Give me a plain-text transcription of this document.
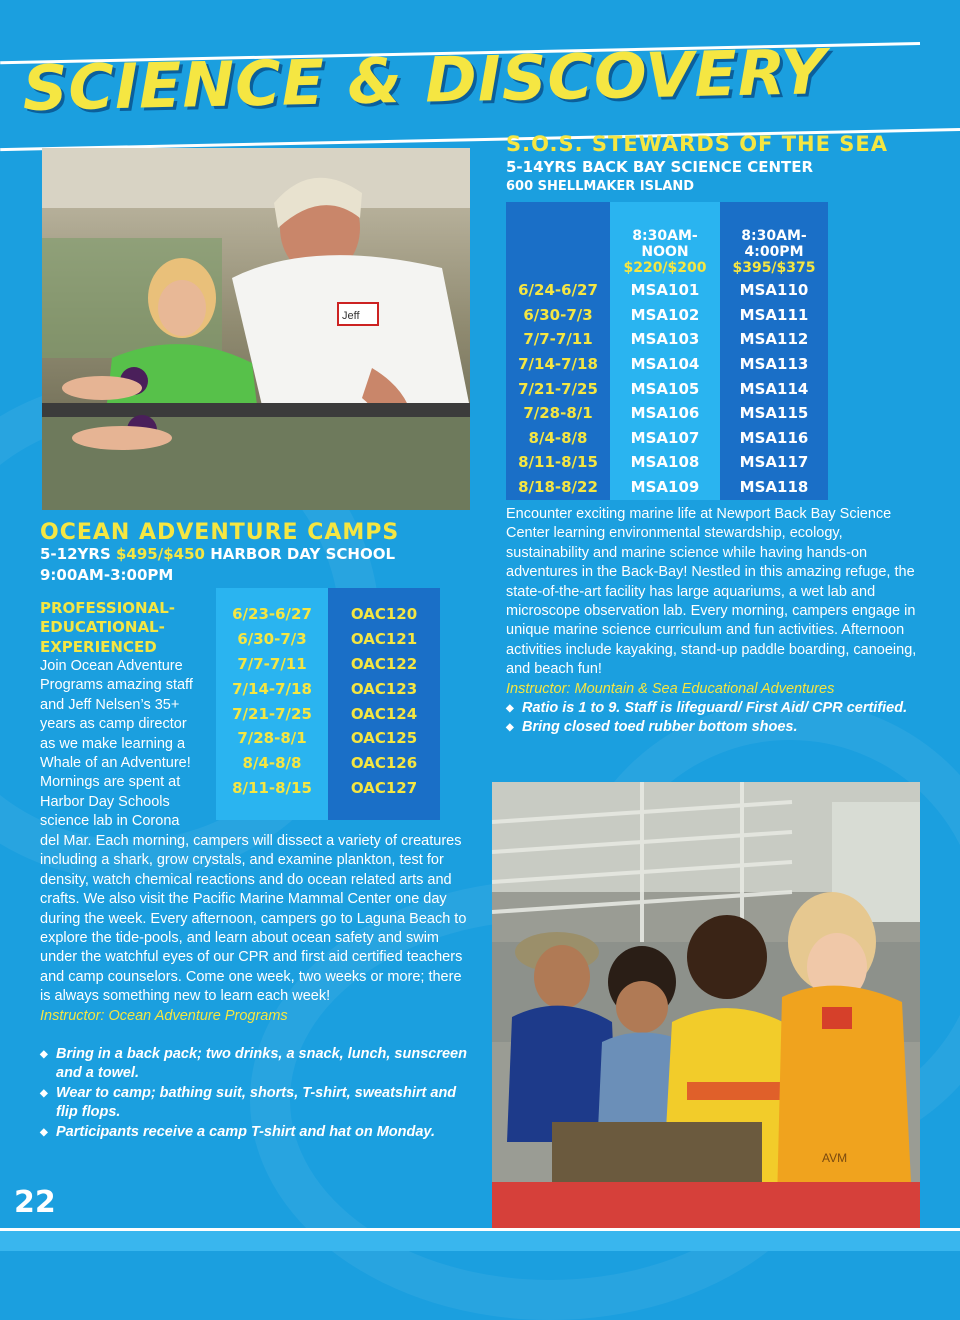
SCIENCE & DISCOVERY
Jeff
S.O.S. STEWARDS OF THE SEA
5-14YRS BACK BAY SCIENCE CENTER
600 SHELLMAKER ISLAND
6/24-6/27
6/30-7/3
7/7-7/11
7/14-7/18
7/21-7/25
7/28-8/1
8/4-8/8
8/11-8/15
8/18-8/22
8:30AM-
NOON
$220/$200
MSA101
MSA102
MSA103
MSA104
MSA105
MSA106
MSA107
MSA108
MSA109
8:30AM-
4:00PM
$395/$375
MSA110
MSA111
MSA112
MSA113
MSA114
MSA115
MSA116
MSA117
MSA118
Encounter exciting marine life at Newport Back Bay Science Center learning environmental stewardship, ecology, sustainability and marine science while having hands-on adventures in the Back-Bay! Nestled in this amazing refuge, the state-of-the-art facility has large aquariums, a wet lab and microscope observation lab. Every morning, campers engage in unique marine science curriculum and fun activities. Afternoon activities include kayaking, stand-up paddle boarding, canoeing, and beach fun!
Instructor: Mountain & Sea Educational Adventures
◆ Ratio is 1 to 9. Staff is lifeguard/ First Aid/ CPR certified.
◆ Bring closed toed rubber bottom shoes.
OCEAN ADVENTURE CAMPS
5-12YRS $495/$450 HARBOR DAY SCHOOL
9:00AM-3:00PM
PROFESSIONAL-
EDUCATIONAL-
EXPERIENCED
6/23-6/27
6/30-7/3
7/7-7/11
7/14-7/18
7/21-7/25
7/28-8/1
8/4-8/8
8/11-8/15
OAC120
OAC121
OAC122
OAC123
OAC124
OAC125
OAC126
OAC127
Join Ocean Adventure
Programs amazing staff
and Jeff Nelsen’s 35+
years as camp director
as we make learning a
Whale of an Adventure!
Mornings are spent at
Harbor Day Schools
science lab in Corona
del Mar. Each morning, campers will dissect a variety of creatures including a shark, grow crystals, and examine plankton, test for density, watch chemical reactions and do ocean related arts and crafts. We also visit the Pacific Marine Mammal Center one day during the week. Every afternoon, campers go to Laguna Beach to explore the tide-pools, and learn about ocean safety and swim under the watchful eyes of our CPR and first aid certified teachers and camp counselors. Come one week, two weeks or more; there is always something new to learn each week!
Instructor: Ocean Adventure Programs
◆ Bring in a back pack; two drinks, a snack, lunch, sunscreen and a towel.
◆ Wear to camp; bathing suit, shorts, T-shirt, sweatshirt and flip flops.
◆ Participants receive a camp T-shirt and hat on Monday.
AVM
22
